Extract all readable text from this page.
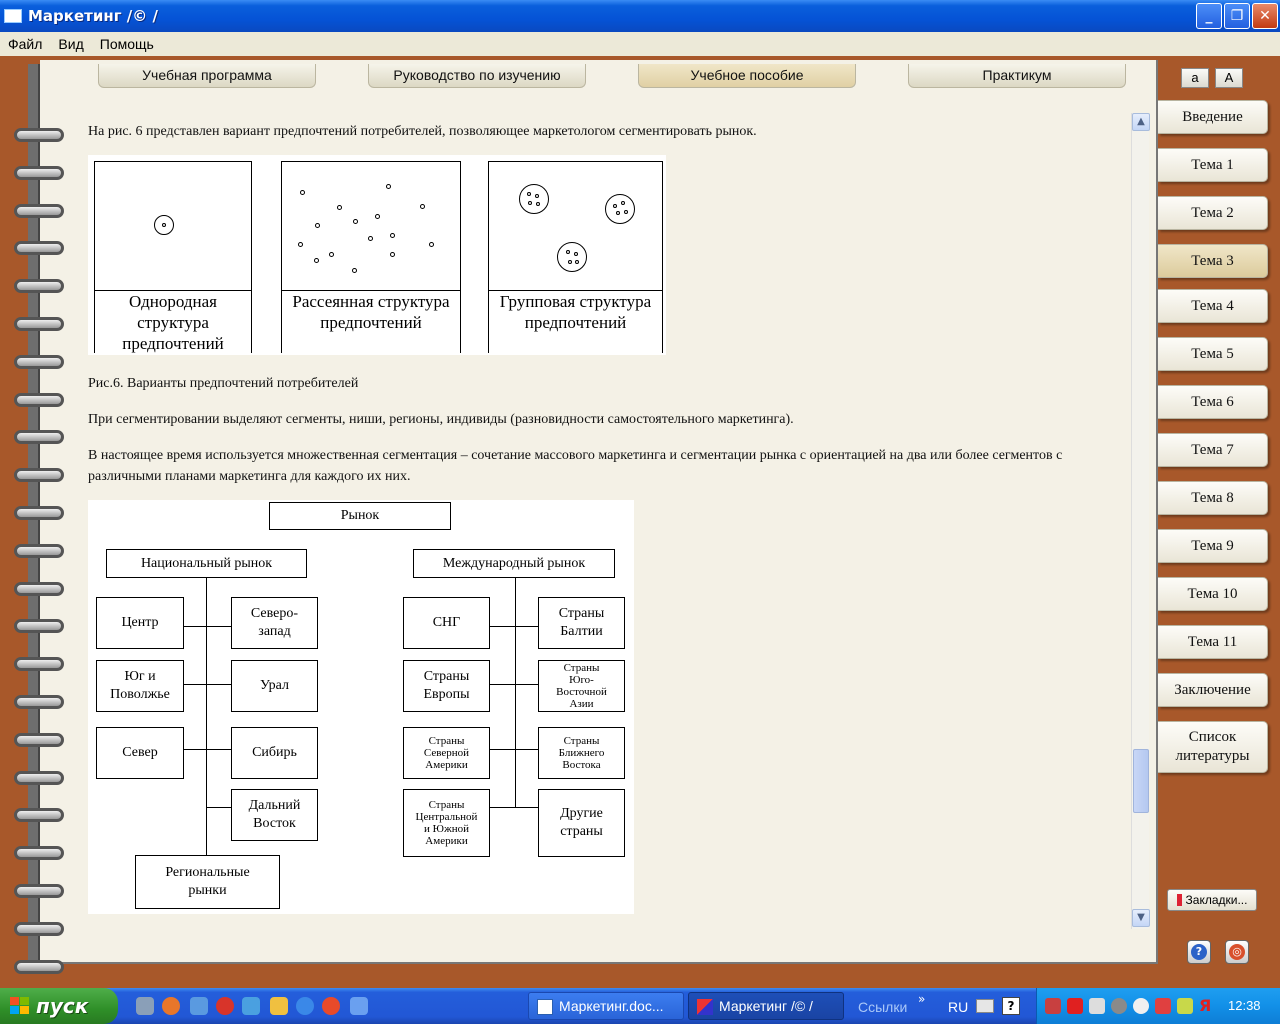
Маркетинг /© /	_	❐	✕
Файл	Вид	Помощь
Учебная программа	Руководство по изучению	Учебное пособие	Практикум	a	A
На рис. 6 представлен вариант предпочтений потребителей, позволяющее маркетологом сегментировать рынок.
Рис.6. Варианты предпочтений потребителей
При сегментировании выделяют сегменты, ниши, регионы, индивиды (разновидности самостоятельного маркетинга).
В настоящее время используется множественная сегментация – сочетание массового маркетинга и сегментации рынка с ориентацией на два или более сегментов с различными планами маркетинга для каждого их них.
Однородная структура предпочтений
Рассеянная структура предпочтений
Групповая структура предпочтений
Рынок
Национальный рынок	Международный рынок
Центр
Юг и Поволжье
Север
Северо- запад
Урал
Сибирь
Дальний Восток
Региональные рынки
СНГ
Страны Европы
Страны Северной Америки
Страны Центральной и Южной Америки
Страны Балтии
Страны Юго-Восточной Азии
Страны Ближнего Востока
Другие страны
▲
▼
Введение
Тема 1
Тема 2
Тема 3
Тема 4
Тема 5
Тема 6
Тема 7
Тема 8
Тема 9
Тема 10
Тема 11
Заключение
Список литературы
Закладки...
?	◎
пуск	Маркетинг.doc...	Маркетинг /© /	Ссылки » RU	?	Я 12:38
